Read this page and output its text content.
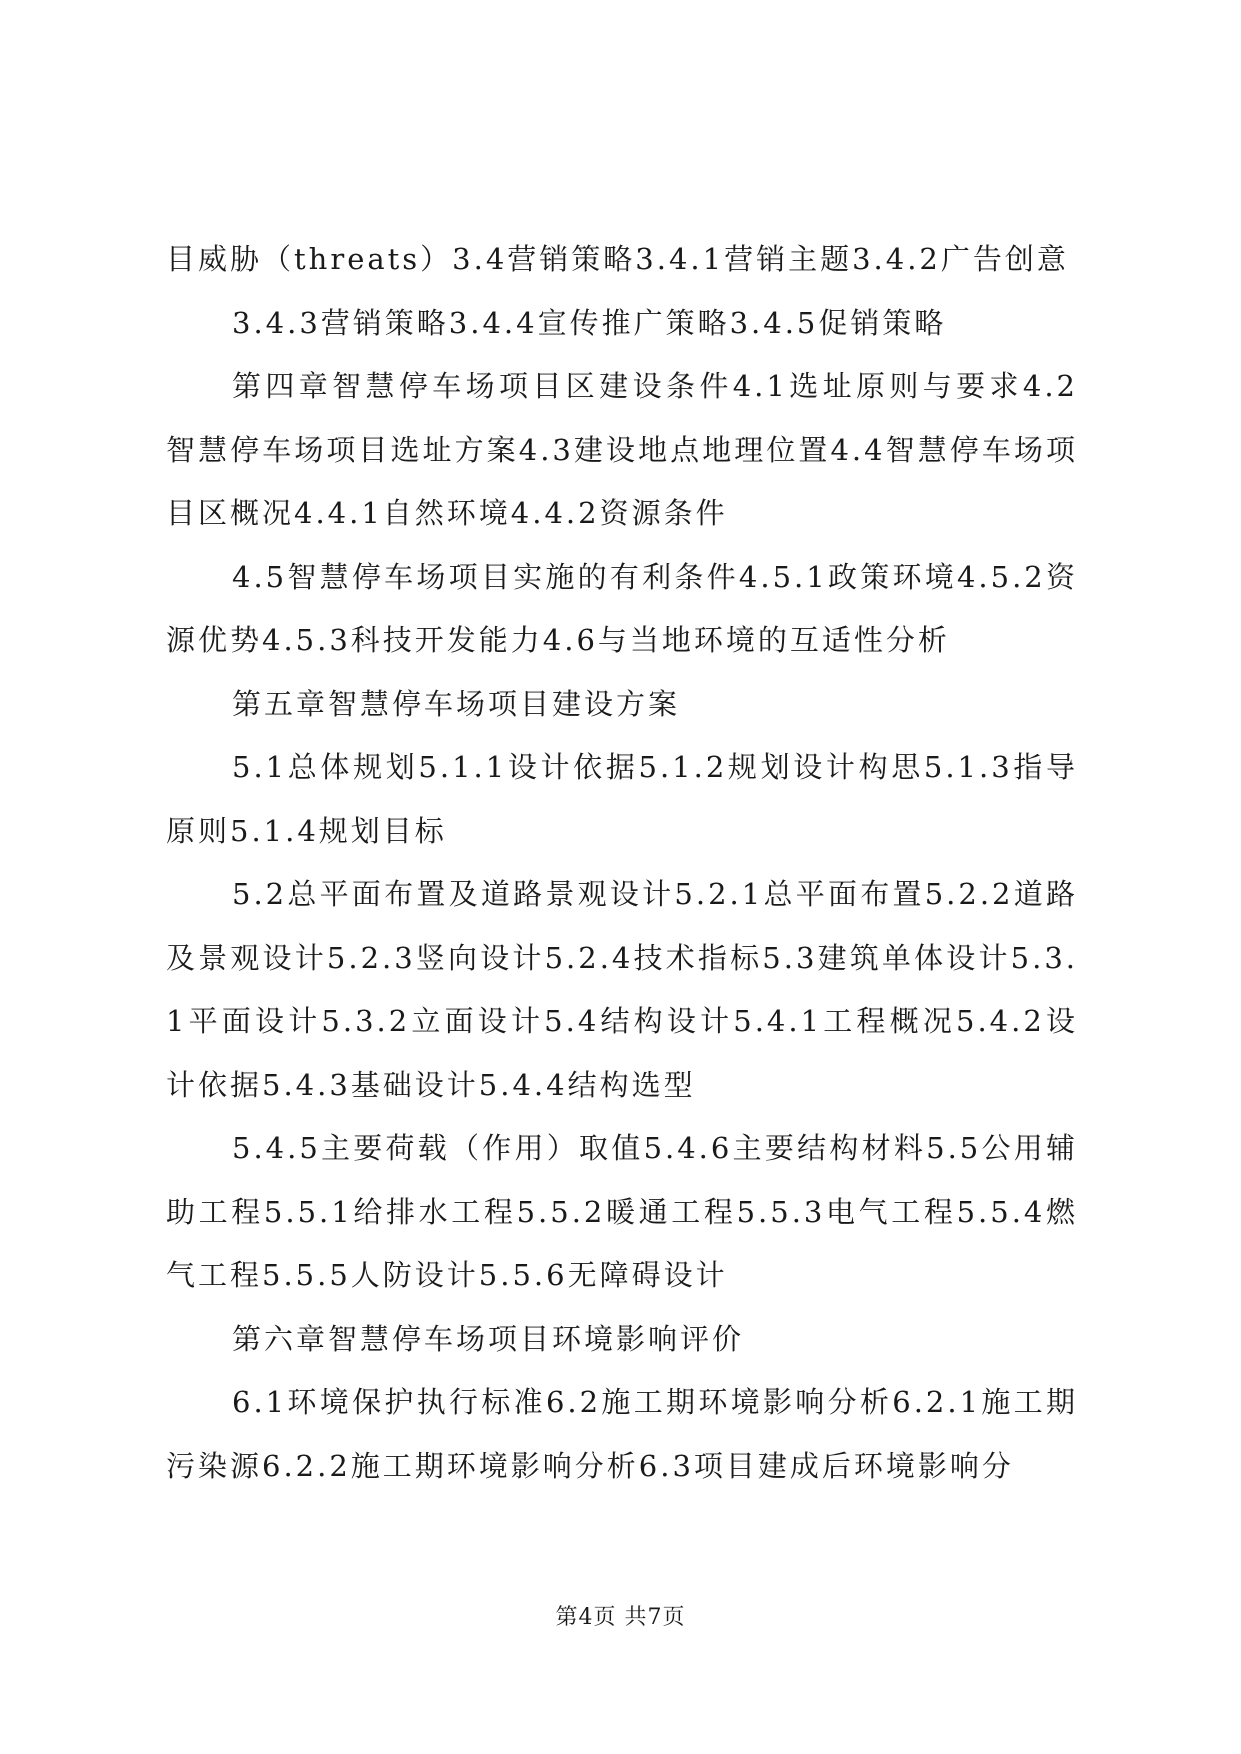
目威胁（threats）3.4营销策略3.4.1营销主题3.4.2广告创意

3.4.3营销策略3.4.4宣传推广策略3.4.5促销策略

第四章智慧停车场项目区建设条件4.1选址原则与要求4.2智慧停车场项目选址方案4.3建设地点地理位置4.4智慧停车场项目区概况4.4.1自然环境4.4.2资源条件

4.5智慧停车场项目实施的有利条件4.5.1政策环境4.5.2资源优势4.5.3科技开发能力4.6与当地环境的互适性分析

第五章智慧停车场项目建设方案

5.1总体规划5.1.1设计依据5.1.2规划设计构思5.1.3指导原则5.1.4规划目标

5.2总平面布置及道路景观设计5.2.1总平面布置5.2.2道路及景观设计5.2.3竖向设计5.2.4技术指标5.3建筑单体设计5.3.1平面设计5.3.2立面设计5.4结构设计5.4.1工程概况5.4.2设计依据5.4.3基础设计5.4.4结构选型

5.4.5主要荷载（作用）取值5.4.6主要结构材料5.5公用辅助工程5.5.1给排水工程5.5.2暖通工程5.5.3电气工程5.5.4燃气工程5.5.5人防设计5.5.6无障碍设计

第六章智慧停车场项目环境影响评价

6.1环境保护执行标准6.2施工期环境影响分析6.2.1施工期污染源6.2.2施工期环境影响分析6.3项目建成后环境影响分

第4页 共7页
